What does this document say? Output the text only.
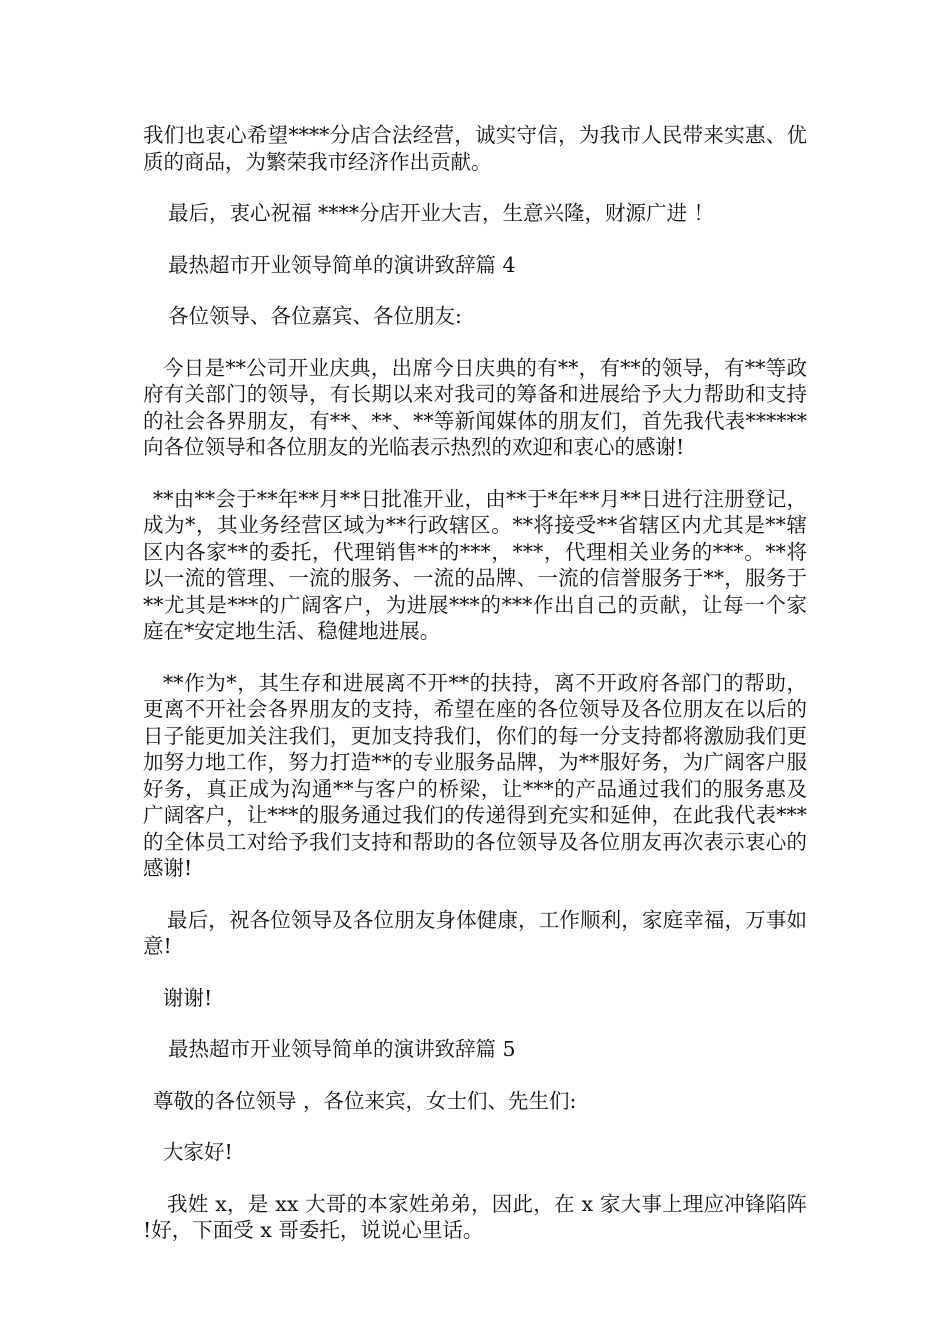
我们也衷心希望****分店合法经营，诚实守信，为我市人民带来实惠、优质的商品，为繁荣我市经济作出贡献。

最后，衷心祝福 ****分店开业大吉，生意兴隆，财源广进 ！

最热超市开业领导简单的演讲致辞篇 4

各位领导、各位嘉宾、各位朋友:

今日是**公司开业庆典，出席今日庆典的有**，有**的领导，有**等政府有关部门的领导，有长期以来对我司的筹备和进展给予大力帮助和支持的社会各界朋友，有**、**、**等新闻媒体的朋友们，首先我代表******向各位领导和各位朋友的光临表示热烈的欢迎和衷心的感谢!

**由**会于**年**月**日批准开业，由**于*年**月**日进行注册登记，成为*，其业务经营区域为**行政辖区。**将接受**省辖区内尤其是**辖区内各家**的委托，代理销售**的***，***，代理相关业务的***。**将以一流的管理、一流的服务、一流的品牌、一流的信誉服务于**，服务于**尤其是***的广阔客户，为进展***的***作出自己的贡献，让每一个家庭在*安定地生活、稳健地进展。

**作为*，其生存和进展离不开**的扶持，离不开政府各部门的帮助，更离不开社会各界朋友的支持，希望在座的各位领导及各位朋友在以后的日子能更加关注我们，更加支持我们，你们的每一分支持都将激励我们更加努力地工作，努力打造**的专业服务品牌，为**服好务，为广阔客户服好务，真正成为沟通**与客户的桥梁，让***的产品通过我们的服务惠及广阔客户，让***的服务通过我们的传递得到充实和延伸，在此我代表***的全体员工对给予我们支持和帮助的各位领导及各位朋友再次表示衷心的感谢!

最后，祝各位领导及各位朋友身体健康，工作顺利，家庭幸福，万事如意!

谢谢!

最热超市开业领导简单的演讲致辞篇 5

尊敬的各位领导 ，各位来宾，女士们、先生们:

大家好!

我姓 x，是 xx 大哥的本家姓弟弟，因此，在 x 家大事上理应冲锋陷阵!好，下面受 x 哥委托，说说心里话。
